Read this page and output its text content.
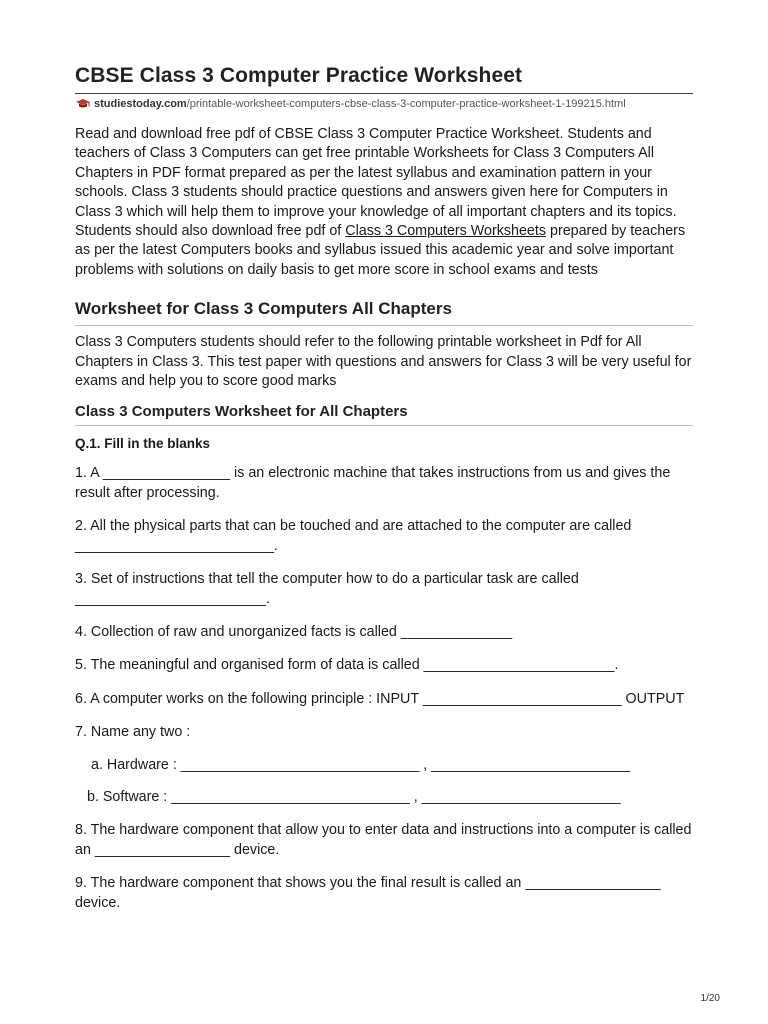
CBSE Class 3 Computer Practice Worksheet
studiestoday.com /printable-worksheet-computers-cbse-class-3-computer-practice-worksheet-1-199215.html

Read and download free pdf of CBSE Class 3 Computer Practice Worksheet. Students and teachers of Class 3 Computers can get free printable Worksheets for Class 3 Computers All Chapters in PDF format prepared as per the latest syllabus and examination pattern in your schools. Class 3 students should practice questions and answers given here for Computers in Class 3 which will help them to improve your knowledge of all important chapters and its topics. Students should also download free pdf of Class 3 Computers Worksheets prepared by teachers as per the latest Computers books and syllabus issued this academic year and solve important problems with solutions on daily basis to get more score in school exams and tests

Worksheet for Class 3 Computers All Chapters

Class 3 Computers students should refer to the following printable worksheet in Pdf for All Chapters in Class 3. This test paper with questions and answers for Class 3 will be very useful for exams and help you to score good marks

Class 3 Computers Worksheet for All Chapters
Q.1. Fill in the blanks

1. A ________________ is an electronic machine that takes instructions from us and gives the result after processing.

2. All the physical parts that can be touched and are attached to the computer are called _________________________.

3. Set of instructions that tell the computer how to do a particular task are called ________________________.

4. Collection of raw and unorganized facts is called ______________

5. The meaningful and organised form of data is called ________________________.

6. A computer works on the following principle : INPUT _________________________ OUTPUT

7. Name any two :

a. Hardware : ______________________________ , _________________________

b. Software : ______________________________ , _________________________

8. The hardware component that allow you to enter data and instructions into a computer is called an _________________ device.

9. The hardware component that shows you the final result is called an _________________ device.

1/20
